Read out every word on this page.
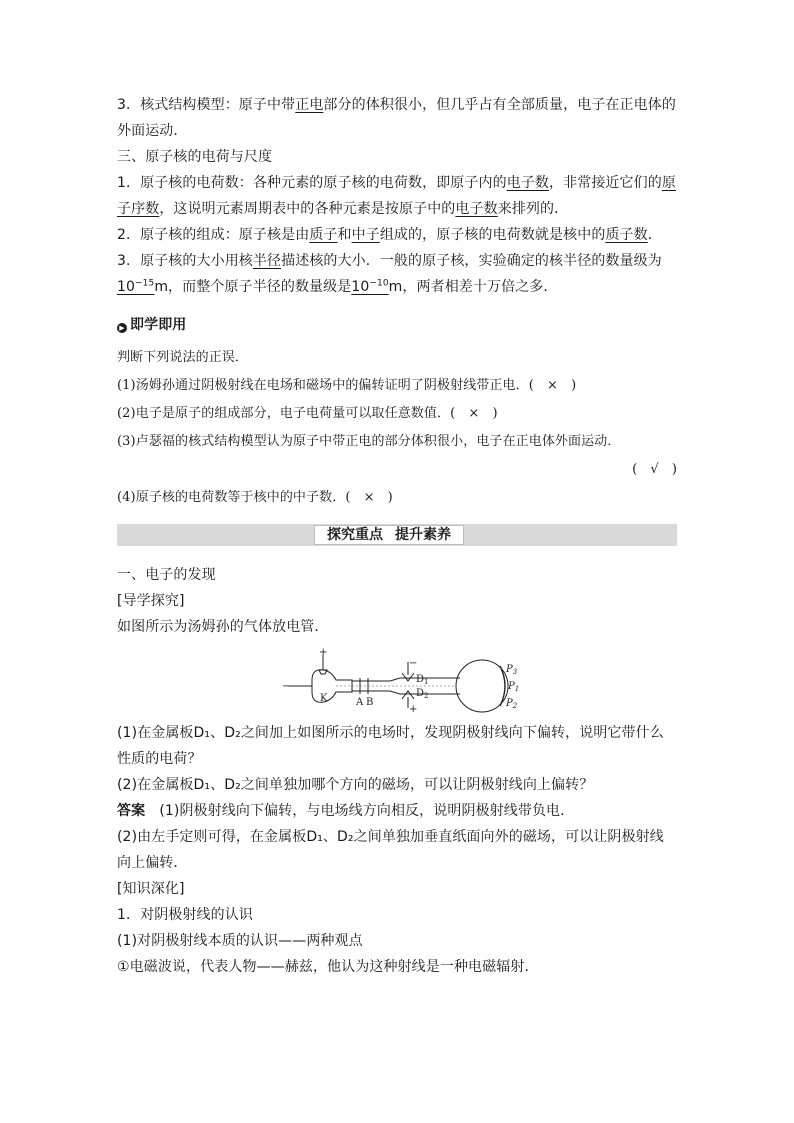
3．核式结构模型：原子中带正电部分的体积很小，但几乎占有全部质量，电子在正电体的外面运动．

三、原子核的电荷与尺度

1．原子核的电荷数：各种元素的原子核的电荷数，即原子内的电子数，非常接近它们的原子序数，这说明元素周期表中的各种元素是按原子中的电子数来排列的．

2．原子核的组成：原子核是由质子和中子组成的，原子核的电荷数就是核中的质子数．

3．原子核的大小用核半径描述核的大小．一般的原子核，实验确定的核半径的数量级为$10^{-15}m$，而整个原子半径的数量级是$10^{-10}m$，两者相差十万倍之多．

▶ 即学即用

判断下列说法的正误．

(1)汤姆孙通过阴极射线在电场和磁场中的偏转证明了阴极射线带正电．(　×　)

(2)电子是原子的组成部分，电子电荷量可以取任意数值．(　×　)

(3)卢瑟福的核式结构模型认为原子中带正电的部分体积很小，电子在正电体外面运动．

(　√　)

(4)原子核的电荷数等于核中的中子数．(　×　)

探究重点 提升素养

一、电子的发现

[导学探究]

如图所示为汤姆孙的气体放电管．

+
−
K	A B
−
+
$D_1$
$D_2$
$P_3$
$P_1$
$P_2$

(1)在金属板D₁、D₂之间加上如图所示的电场时，发现阴极射线向下偏转，说明它带什么性质的电荷？

(2)在金属板D₁、D₂之间单独加哪个方向的磁场，可以让阴极射线向上偏转？

答案　 (1)阴极射线向下偏转，与电场线方向相反，说明阴极射线带负电．

(2)由左手定则可得，在金属板D₁、D₂之间单独加垂直纸面向外的磁场，可以让阴极射线向上偏转．

[知识深化]

1．对阴极射线的认识

(1)对阴极射线本质的认识——两种观点

①电磁波说，代表人物——赫兹，他认为这种射线是一种电磁辐射．
